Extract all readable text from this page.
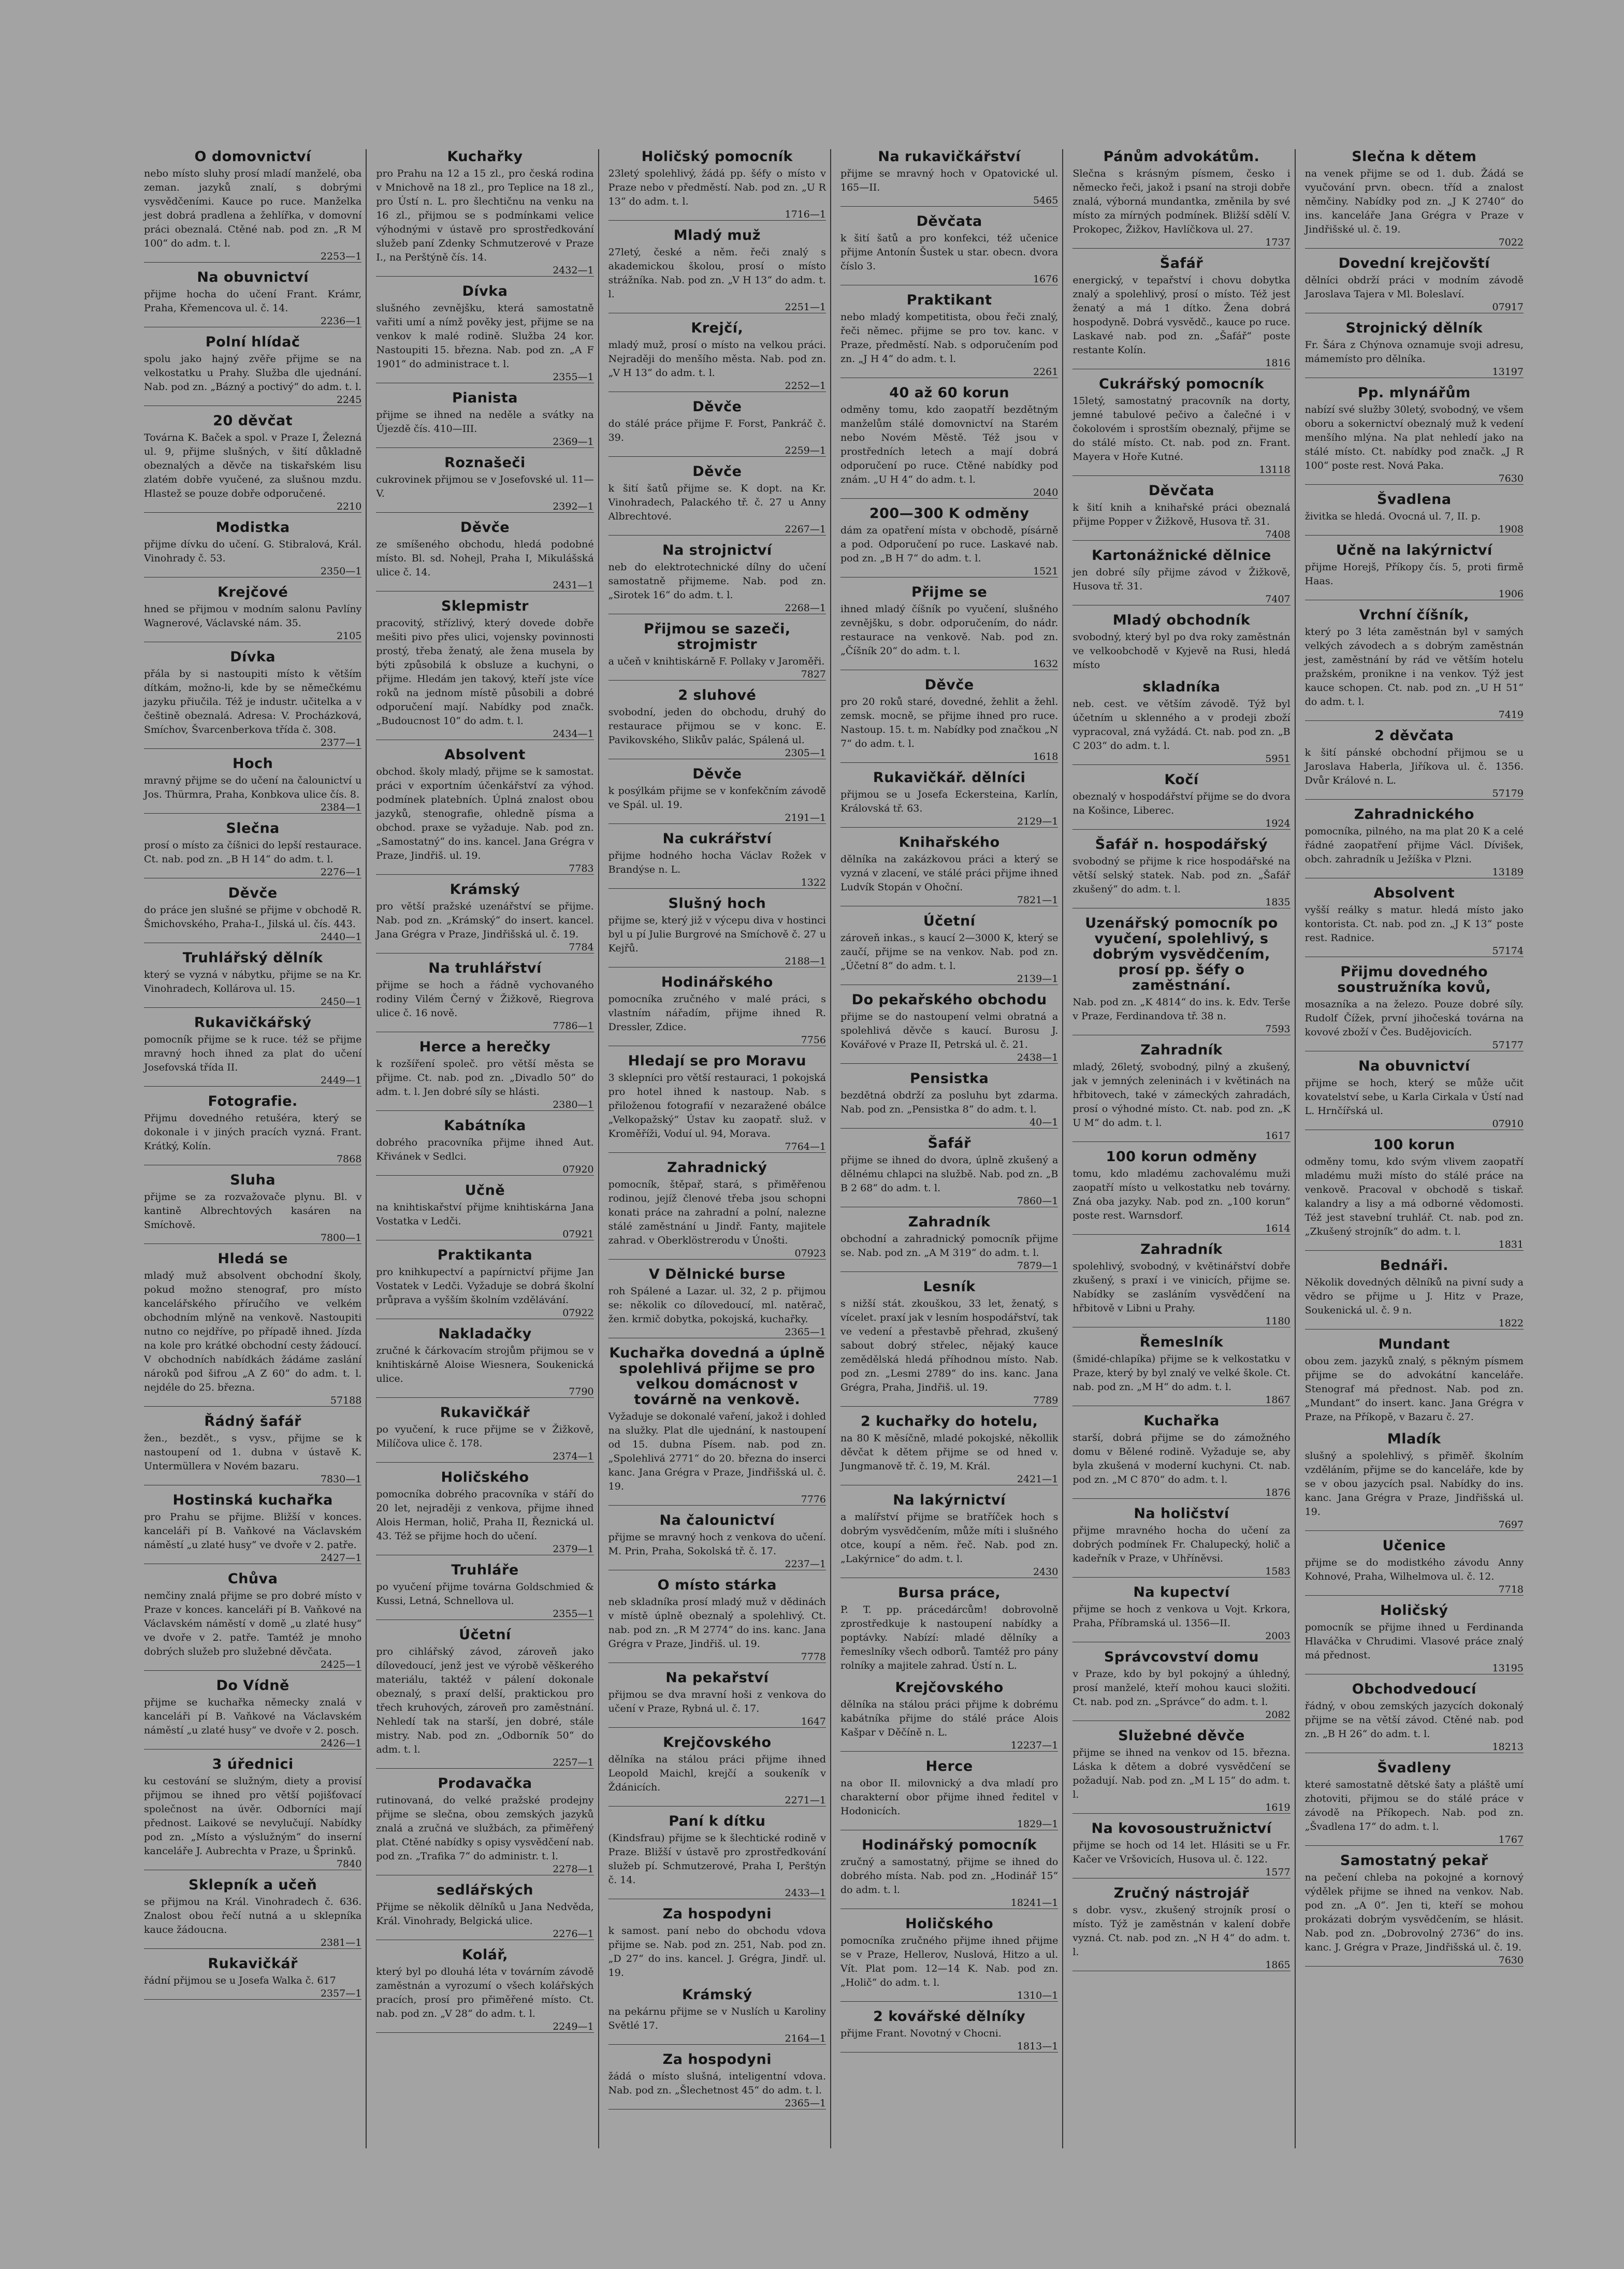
O domovnictví

nebo místo sluhy prosí mladí manželé, oba zeman. jazyků znalí, s dobrými vysvědčeními. Kauce po ruce. Manželka jest dobrá pradlena a žehlířka, v domovní práci obeznalá. Ctěné nab. pod zn. „R M 100“ do adm. t. l.

2253—1
Na obuvnictví

přijme hocha do učení Frant. Krámr, Praha, Křemencova ul. č. 14.

2236—1
Polní hlídač

spolu jako hajný zvěře přijme se na velkostatku u Prahy. Služba dle ujednání. Nab. pod zn. „Bázný a poctivý“ do adm. t. l.

2245
20 děvčat

Továrna K. Baček a spol. v Praze I, Železná ul. 9, přijme slušných, v šití důkladně obeznalých a děvče na tiskařském lisu zlatém dobře vyučené, za slušnou mzdu. Hlastež se pouze dobře odporučené.

2210
Modistka

přijme dívku do učení. G. Stibralová, Král. Vinohrady č. 53.

2350—1
Krejčové

hned se přijmou v modním salonu Pavlíny Wagnerové, Václavské nám. 35.

2105
Dívka

přála by si nastoupiti místo k větším dítkám, možno-li, kde by se němečkému jazyku přiučila. Též je industr. učitelka a v češtině obeznalá. Adresa: V. Procházková, Smíchov, Švarcenberkova třída č. 308.

2377—1
Hoch

mravný přijme se do učení na čalounictví u Jos. Thürmra, Praha, Konbkova ulice čís. 8.

2384—1
Slečna

prosí o místo za číšnici do lepší restaurace. Ct. nab. pod zn. „B H 14“ do adm. t. l.

2276—1
Děvče

do práce jen slušné se přijme v obchodě R. Šmichovského, Praha-I., Jilská ul. čís. 443.

2440—1
Truhlářský dělník

který se vyzná v nábytku, přijme se na Kr. Vinohradech, Kollárova ul. 15.

2450—1
Rukavičkářský

pomocník přijme se k ruce. též se přijme mravný hoch ihned za plat do učení Josefovská třída II.

2449—1
Fotografie.

Přijmu dovedného retušéra, který se dokonale i v jiných pracích vyzná. Frant. Krátký, Kolín.

7868
Sluha

přijme se za rozvažovače plynu. Bl. v kantině Albrechtových kasáren na Smíchově.

7800—1
Hledá se

mladý muž absolvent obchodní školy, pokud možno stenograf, pro místo kancelářského příručího ve velkém obchodním mlýně na venkově. Nastoupiti nutno co nejdříve, po případě ihned. Jízda na kole pro krátké obchodní cesty žádoucí. V obchodních nabídkách žádáme zaslání nároků pod šifrou „A Z 60“ do adm. t. l. nejdéle do 25. března.

57188
Řádný šafář

žen., bezdět., s vysv., přijme se k nastoupení od 1. dubna v ústavě K. Untermüllera v Novém bazaru.

7830—1
Hostinská kuchařka

pro Prahu se přijme. Bližší v konces. kanceláři pí B. Vaňkové na Václavském náměstí „u zlaté husy“ ve dvoře v 2. patře.

2427—1
Chůva

nemčiny znalá přijme se pro dobré místo v Praze v konces. kanceláři pí B. Vaňkové na Václavském náměstí v domě „u zlaté husy“ ve dvoře v 2. patře. Tamtéž je mnoho dobrých služeb pro služebné děvčata.

2425—1
Do Vídně

přijme se kuchařka německy znalá v kanceláři pí B. Vaňkové na Václavském náměstí „u zlaté husy“ ve dvoře v 2. posch.

2426—1
3 úřednici

ku cestování se služným, diety a provisí přijmou se ihned pro větší pojišťovací společnost na úvěr. Odborníci mají přednost. Laikové se nevylučují. Nabídky pod zn. „Místo a výslužným“ do inserní kanceláře J. Aubrechta v Praze, u Šprinků.

7840
Sklepník a učeň

se přijmou na Král. Vinohradech č. 636. Znalost obou řečí nutná a u sklepníka kauce žádoucna.

2381—1
Rukavičkář

řádní přijmou se u Josefa Walka č. 617

2357—1
Kuchařky

pro Prahu na 12 a 15 zl., pro česká rodina v Mnichově na 18 zl., pro Teplice na 18 zl., pro Ústí n. L. pro šlechtičnu na venku na 16 zl., přijmou se s podmínkami velice výhodnými v ústavě pro sprostředkování služeb paní Zdenky Schmutzerové v Praze I., na Perštýně čís. 14.

2432—1
Dívka

slušného zevnějšku, která samostatně vařiti umí a nímž pověky jest, přijme se na venkov k malé rodině. Služba 24 kor. Nastoupiti 15. března. Nab. pod zn. „A F 1901“ do administrace t. l.

2355—1
Pianista

přijme se ihned na neděle a svátky na Újezdě čís. 410—III.

2369—1
Roznašeči

cukrovinek přijmou se v Josefovské ul. 11—V.

2392—1
Děvče

ze smíšeného obchodu, hledá podobné místo. Bl. sd. Nohejl, Praha I, Mikulášská ulice č. 14.

2431—1
Sklepmistr

pracovitý, střízlivý, který dovede dobře mešiti pivo přes ulici, vojensky povinnosti prostý, třeba ženatý, ale žena musela by býti způsobilá k obsluze a kuchyni, o přijme. Hledám jen takový, kteří jste více roků na jednom místě působili a dobré odporučení mají. Nabídky pod značk. „Budoucnost 10“ do adm. t. l.

2434—1
Absolvent

obchod. školy mladý, přijme se k samostat. práci v exportním účenkářství za výhod. podmínek platebních. Úplná znalost obou jazyků, stenografie, ohledně písma a obchod. praxe se vyžaduje. Nab. pod zn. „Samostatný“ do ins. kancel. Jana Grégra v Praze, Jindřiš. ul. 19.

7783
Krámský

pro větší pražské uzenářství se přijme. Nab. pod zn. „Krámský“ do insert. kancel. Jana Grégra v Praze, Jindřišská ul. č. 19.

7784
Na truhlářství

přijme se hoch a řádně vychovaného rodiny Vilém Černý v Žižkově, Riegrova ulice č. 16 nově.

7786—1
Herce a herečky

k rozšíření společ. pro větší města se přijme. Ct. nab. pod zn. „Divadlo 50“ do adm. t. l. Jen dobré síly se hlásti.

2380—1
Kabátníka

dobrého pracovníka přijme ihned Aut. Křivánek v Sedlci.

07920
Učně

na knihtiskařství přijme knihtiskárna Jana Vostatka v Ledči.

07921
Praktikanta

pro knihkupectví a papírnictví přijme Jan Vostatek v Ledči. Vyžaduje se dobrá školní průprava a vyšším školním vzdělávání.

07922
Nakladačky

zručné k čárkovacím strojům přijmou se v knihtiskárně Aloise Wiesnera, Soukenická ulice.

7790
Rukavičkář

po vyučení, k ruce přijme se v Žižkově, Milíčova ulice č. 178.

2374—1
Holičského

pomocníka dobrého pracovníka v stáří do 20 let, nejraději z venkova, přijme ihned Alois Herman, holič, Praha II, Řeznická ul. 43. Též se přijme hoch do učení.

2379—1
Truhláře

po vyučení přijme továrna Goldschmied & Kussi, Letná, Schnellova ul.

2355—1
Účetní

pro cihlářský závod, zároveň jako dílovedoucí, jenž jest ve výrobě věškerého materiálu, taktéž v pálení dokonale obeznalý, s praxí delší, praktickou pro třech kruhových, zároveň pro zaměstnání. Nehledí tak na starší, jen dobré, stále mistry. Nab. pod zn. „Odborník 50“ do adm. t. l.

2257—1
Prodavačka

rutinovaná, do velké pražské prodejny přijme se slečna, obou zemských jazyků znalá a zručná ve službách, za přiměřený plat. Ctěné nabídky s opisy vysvědčení nab. pod zn. „Trafika 7“ do administr. t. l.

2278—1
sedlářských

Přijme se několik dělníků u Jana Nedvěda, Král. Vinohrady, Belgická ulice.

2276—1
Kolář,

který byl po dlouhá léta v továrním závodě zaměstnán a vyrozumí o všech kolářských pracích, prosí pro přiměřené místo. Ct. nab. pod zn. „V 28“ do adm. t. l.

2249—1
Holičský pomocník

23letý spolehlivý, žádá pp. šéfy o místo v Praze nebo v předměstí. Nab. pod zn. „U R 13“ do adm. t. l.

1716—1
Mladý muž

27letý, české a něm. řeči znalý s akademickou školou, prosí o místo strážníka. Nab. pod zn. „V H 13“ do adm. t. l.

2251—1
Krejčí,

mladý muž, prosí o místo na velkou práci. Nejraději do menšího města. Nab. pod zn. „V H 13“ do adm. t. l.

2252—1
Děvče

do stálé práce přijme F. Forst, Pankráč č. 39.

2259—1
Děvče

k šití šatů přijme se. K dopt. na Kr. Vinohradech, Palackého tř. č. 27 u Anny Albrechtové.

2267—1
Na strojnictví

neb do elektrotechnické dílny do učení samostatně přijmeme. Nab. pod zn. „Sirotek 16“ do adm. t. l.

2268—1
Přijmou se sazeči, strojmistr

a učeň v knihtiskárně F. Pollaky v Jaroměři.

7827
2 sluhové

svobodní, jeden do obchodu, druhý do restaurace přijmou se v konc. E. Pavikovského, Slikův palác, Spálená ul.

2305—1
Děvče

k posýlkám přijme se v konfekčním závodě ve Spál. ul. 19.

2191—1
Na cukrářství

přijme hodného hocha Václav Rožek v Brandýse n. L.

1322
Slušný hoch

přijme se, který již v výcepu diva v hostinci byl u pí Julie Burgrové na Smíchově č. 27 u Kejřů.

2188—1
Hodinářského

pomocníka zručného v malé práci, s vlastním nářadím, přijme ihned R. Dressler, Zdice.

7756
Hledají se pro Moravu

3 sklepníci pro větší restauraci, 1 pokojská pro hotel ihned k nastoup. Nab. s přiloženou fotografií v nezaražené obálce „Velkopažský“ Ústav ku zaopatř. služ. v Kroměříži, Voduí ul. 94, Morava.

7764—1
Zahradnický

pomocník, štěpař, stará, s přiměřenou rodinou, jejíž členové třeba jsou schopni konati práce na zahradní a polní, nalezne stálé zaměstnání u Jindř. Fanty, majitele zahrad. v Oberklöstrerodu v Únošti.

07923
V Dělnické burse

roh Spálené a Lazar. ul. 32, 2 p. přijmou se: několik co dílovedoucí, ml. natěrač, žen. krmič dobytka, pokojská, kuchařky.

2365—1
Kuchařka dovedná a úplně spolehlivá přijme se pro velkou domácnost v továrně na venkově.

Vyžaduje se dokonalé vaření, jakož i dohled na služky. Plat dle ujednání, k nastoupení od 15. dubna Písem. nab. pod zn. „Spolehlivá 2771“ do 20. března do inserci kanc. Jana Grégra v Praze, Jindřišská ul. č. 19.

7776
Na čalounictví

přijme se mravný hoch z venkova do učení. M. Prin, Praha, Sokolská tř. č. 17.

2237—1
O místo stárka

neb skladníka prosí mladý muž v dědinách v místě úplně obeznalý a spolehlivý. Ct. nab. pod zn. „R M 2774“ do ins. kanc. Jana Grégra v Praze, Jindřiš. ul. 19.

7778
Na pekařství

přijmou se dva mravní hoši z venkova do učení v Praze, Rybná ul. č. 17.

1647
Krejčovského

dělníka na stálou práci přijme ihned Leopold Maichl, krejčí a soukeník v Ždánicích.

2271—1
Paní k dítku

(Kindsfrau) přijme se k šlechtické rodině v Praze. Bližší v ústavě pro zprostředkování služeb pí. Schmutzerové, Praha I, Perštýn č. 14.

2433—1
Za hospodyni

k samost. paní nebo do obchodu vdova přijme se. Nab. pod zn. 251, Nab. pod zn. „D 27“ do ins. kancel. J. Grégra, Jindř. ul. 19.

Krámský

na pekárnu přijme se v Nuslích u Karoliny Světlé 17.

2164—1
Za hospodyni

žádá o místo slušná, inteligentní vdova. Nab. pod zn. „Šlechetnost 45“ do adm. t. l.

2365—1
Na rukavičkářství

přijme se mravný hoch v Opatovické ul. 165—II.

5465
Děvčata

k šití šatů a pro konfekci, též učenice přijme Antonín Šustek u star. obecn. dvora číslo 3.

1676
Praktikant

nebo mladý kompetitista, obou řeči znalý, řeči němec. přijme se pro tov. kanc. v Praze, předměstí. Nab. s odporučením pod zn. „J H 4“ do adm. t. l.

2261
40 až 60 korun

odměny tomu, kdo zaopatří bezdětným manželům stálé domovnictví na Starém nebo Novém Městě. Též jsou v prostředních letech a mají dobrá odporučení po ruce. Ctěné nabídky pod znám. „U H 4“ do adm. t. l.

2040
200—300 K odměny

dám za opatření místa v obchodě, písárně a pod. Odporučení po ruce. Laskavé nab. pod zn. „B H 7“ do adm. t. l.

1521
Přijme se

ihned mladý číšník po vyučení, slušného zevnějšku, s dobr. odporučením, do nádr. restaurace na venkově. Nab. pod zn. „Číšník 20“ do adm. t. l.

1632
Děvče

pro 20 roků staré, dovedné, žehlit a žehl. zemsk. mocně, se přijme ihned pro ruce. Nastoup. 15. t. m. Nabídky pod značkou „N 7“ do adm. t. l.

1618
Rukavičkář. dělníci

přijmou se u Josefa Eckersteina, Karlín, Královská tř. 63.

2129—1
Knihařského

dělníka na zakázkovou práci a který se vyzná v zlacení, ve stálé práci přijme ihned Ludvík Stopán v Ohoční.

7821—1
Účetní

zároveň inkas., s kaucí 2—3000 K, který se zaučí, přijme se na venkov. Nab. pod zn. „Účetní 8“ do adm. t. l.

2139—1
Do pekařského obchodu

přijme se do nastoupení velmi obratná a spolehlivá děvče s kaucí. Burosu J. Kovářové v Praze II, Petrská ul. č. 21.

2438—1
Pensistka

bezdětná obdrží za posluhu byt zdarma. Nab. pod zn. „Pensistka 8“ do adm. t. l.

40—1
Šafář

přijme se ihned do dvora, úplně zkušený a dělnému chlapci na službě. Nab. pod zn. „B B 2 68“ do adm. t. l.

7860—1
Zahradník

obchodní a zahradnický pomocník přijme se. Nab. pod zn. „A M 319“ do adm. t. l.

7879—1
Lesník

s nižší stát. zkouškou, 33 let, ženatý, s vícelet. praxí jak v lesním hospodářství, tak ve vedení a přestavbě přehrad, zkušený sabout dobrý střelec, nějaký kauce zemědělská hledá příhodnou místo. Nab. pod zn. „Lesmi 2789“ do ins. kanc. Jana Grégra, Praha, Jindřiš. ul. 19.

7789
2 kuchařky do hotelu,

na 80 K měsíčně, mladé pokojské, někollik děvčat k dětem přijme se od hned v. Jungmanově tř. č. 19, M. Král.

2421—1
Na lakýrnictví

a malířství přijme se bratříček hoch s dobrým vysvědčením, může míti i slušného otce, koupí a něm. řeč. Nab. pod zn. „Lakýrnice“ do adm. t. l.

2430
Bursa práce,

P. T. pp. prácedárcům! dobrovolně zprostředkuje k nastoupení nabídky a poptávky. Nabízí: mladé dělníky a řemeslníky všech odborů. Tamtéž pro pány rolníky a majitele zahrad. Ústí n. L.

Krejčovského

dělníka na stálou práci přijme k dobrému kabátníka přijme do stálé práce Alois Kašpar v Děčíně n. L.

12237—1
Herce

na obor II. milovnický a dva mladí pro charakterní obor přijme ihned ředitel v Hodonicích.

1829—1
Hodinářský pomocník

zručný a samostatný, přijme se ihned do dobrého místa. Nab. pod zn. „Hodinář 15“ do adm. t. l.

18241—1
Holičského

pomocníka zručného přijme ihned přijme se v Praze, Hellerov, Nuslová, Hitzo a ul. Vít. Plat pom. 12—14 K. Nab. pod zn. „Holič“ do adm. t. l.

1310—1
2 kovářské dělníky

přijme Frant. Novotný v Chocni.

1813—1
Pánům advokátům.

Slečna s krásným písmem, česko i německo řeči, jakož i psaní na stroji dobře znalá, výborná mundantka, změnila by své místo za mírných podmínek. Bližší sdělí V. Prokopec, Žižkov, Havlíčkova ul. 27.

1737
Šafář

energický, v tepařství i chovu dobytka znalý a spolehlivý, prosí o místo. Též jest ženatý a má 1 dítko. Žena dobrá hospodyně. Dobrá vysvědč., kauce po ruce. Laskavé nab. pod zn. „Šafář“ poste restante Kolín.

1816
Cukrářský pomocník

15letý, samostatný pracovník na dorty, jemné tabulové pečivo a čalečné i v čokolovém i sprostším obeznalý, přijme se do stálé místo. Ct. nab. pod zn. Frant. Mayera v Hoře Kutné.

13118
Děvčata

k šití knih a knihařské práci obeznalá přijme Popper v Žižkově, Husova tř. 31.

7408
Kartonážnické dělnice

jen dobré síly přijme závod v Žižkově, Husova tř. 31.

7407
Mladý obchodník

svobodný, který byl po dva roky zaměstnán ve velkoobchodě v Kyjevě na Rusi, hledá místo

skladníka

neb. cest. ve větším závodě. Týž byl účetním u sklenného a v prodeji zboží vypracoval, zná vyžádá. Ct. nab. pod zn. „B C 203“ do adm. t. l.

5951
Kočí

obeznalý v hospodářství přijme se do dvora na Košince, Liberec.

1924
Šafář n. hospodářský

svobodný se přijme k rice hospodářské na větší selský statek. Nab. pod zn. „Šafář zkušený“ do adm. t. l.

1835
Uzenářský pomocník po vyučení, spolehlivý, s dobrým vysvědčením, prosí pp. šéfy o zaměstnání.

Nab. pod zn. „K 4814“ do ins. k. Edv. Terše v Praze, Ferdinandova tř. 38 n.

7593
Zahradník

mladý, 26letý, svobodný, pilný a zkušený, jak v jemných zeleninách i v květinách na hřbitovech, také v zámeckých zahradách, prosí o výhodné místo. Ct. nab. pod zn. „K U M“ do adm. t. l.

1617
100 korun odměny

tomu, kdo mladému zachovalému muži zaopatří místo u velkostatku neb továrny. Zná oba jazyky. Nab. pod zn. „100 korun“ poste rest. Warnsdorf.

1614
Zahradník

spolehlivý, svobodný, v květinářství dobře zkušený, s praxí i ve vinicích, přijme se. Nabídky se zasláním vysvědčení na hřbitově v Libni u Prahy.

1180
Řemeslník

(šmidé-chlapíka) přijme se k velkostatku v Praze, který by byl znalý ve velké škole. Ct. nab. pod zn. „M H“ do adm. t. l.

1867
Kuchařka

starší, dobrá přijme se do zámožného domu v Bělené rodině. Vyžaduje se, aby byla zkušená v moderní kuchyni. Ct. nab. pod zn. „M C 870“ do adm. t. l.

1876
Na holičství

přijme mravného hocha do učení za dobrých podmínek Fr. Chalupecký, holič a kadeřník v Praze, v Uhříněvsi.

1583
Na kupectví

přijme se hoch z venkova u Vojt. Krkora, Praha, Příbramská ul. 1356—II.

2003
Správcovství domu

v Praze, kdo by byl pokojný a úhledný, prosí manželé, kteří mohou kauci složiti. Ct. nab. pod zn. „Správce“ do adm. t. l.

2082
Služebné děvče

přijme se ihned na venkov od 15. března. Láska k dětem a dobré vysvědčení se požadují. Nab. pod zn. „M L 15“ do adm. t. l.

1619
Na kovosoustružnictví

přijme se hoch od 14 let. Hlásiti se u Fr. Kačer ve Vršovicích, Husova ul. č. 122.

1577
Zručný nástrojář

s dobr. vysv., zkušený strojník prosí o místo. Týž je zaměstnán v kalení dobře vyzná. Ct. nab. pod zn. „N H 4“ do adm. t. l.

1865
Slečna k dětem

na venek přijme se od 1. dub. Žádá se vyučování prvn. obecn. tříd a znalost němčiny. Nabídky pod zn. „J K 2740“ do ins. kanceláře Jana Grégra v Praze v Jindřišské ul. č. 19.

7022
Dovední krejčovští

dělníci obdrží práci v modním závodě Jaroslava Tajera v Ml. Boleslaví.

07917
Strojnický dělník

Fr. Šára z Chýnova oznamuje svoji adresu, mámemísto pro dělníka.

13197
Pp. mlynářům

nabízí své služby 30letý, svobodný, ve všem oboru a sokernictví obeznalý muž k vedení menšího mlýna. Na plat nehledí jako na stálé místo. Ct. nabídky pod značk. „J R 100“ poste rest. Nová Paka.

7630
Švadlena

živitka se hledá. Ovocná ul. 7, II. p.

1908
Učně na lakýrnictví

přijme Horejš, Příkopy čís. 5, proti firmě Haas.

1906
Vrchní číšník,

který po 3 léta zaměstnán byl v samých velkých závodech a s dobrým zaměstnán jest, zaměstnání by rád ve větším hotelu pražském, pronikne i na venkov. Týž jest kauce schopen. Ct. nab. pod zn. „U H 51“ do adm. t. l.

7419
2 děvčata

k šití pánské obchodní přijmou se u Jaroslava Haberla, Jiříkova ul. č. 1356. Dvůr Králové n. L.

57179
Zahradnického

pomocníka, pilného, na ma plat 20 K a celé řádné zaopatření přijme Václ. Dívišek, obch. zahradník u Ježíška v Plzni.

13189
Absolvent

vyšší reálky s matur. hledá místo jako kontorista. Ct. nab. pod zn. „J K 13“ poste rest. Radnice.

57174
Přijmu dovedného soustružníka kovů,

mosazníka a na železo. Pouze dobré síly. Rudolf Čížek, první jihočeská továrna na kovové zboží v Čes. Budějovicích.

57177
Na obuvnictví

přijme se hoch, který se může učit kovatelství sebe, u Karla Cirkala v Ústí nad L. Hrnčířská ul.

07910
100 korun

odměny tomu, kdo svým vlivem zaopatří mladému muži místo do stálé práce na venkově. Pracoval v obchodě s tiskař. kalandry a lisy a má odborné vědomosti. Též jest stavební truhlář. Ct. nab. pod zn. „Zkušený strojník“ do adm. t. l.

1831
Bednáři.

Několik dovedných dělníků na pivní sudy a vědro se přijme u J. Hitz v Praze, Soukenická ul. č. 9 n.

1822
Mundant

obou zem. jazyků znalý, s pěkným písmem přijme se do advokátní kanceláře. Stenograf má přednost. Nab. pod zn. „Mundant“ do insert. kanc. Jana Grégra v Praze, na Příkopě, v Bazaru č. 27.

Mladík

slušný a spolehlivý, s přiměř. školním vzděláním, přijme se do kanceláře, kde by se v obou jazycích psal. Nabídky do ins. kanc. Jana Grégra v Praze, Jindřišská ul. 19.

7697
Učenice

přijme se do modistkého závodu Anny Kohnové, Praha, Wilhelmova ul. č. 12.

7718
Holičský

pomocník se přijme ihned u Ferdinanda Hlaváčka v Chrudimi. Vlasové práce znalý má přednost.

13195
Obchodvedoucí

řádný, v obou zemských jazycích dokonalý přijme se na větší závod. Ctěné nab. pod zn. „B H 26“ do adm. t. l.

18213
Švadleny

které samostatně dětské šaty a pláště umí zhotoviti, přijmou se do stálé práce v závodě na Příkopech. Nab. pod zn. „Švadlena 17“ do adm. t. l.

1767
Samostatný pekař

na pečení chleba na pokojné a kornový výdělek přijme se ihned na venkov. Nab. pod zn. „A 0“. Jen ti, kteří se mohou prokázati dobrým vysvědčením, se hlásit. Nab. pod zn. „Dobrovolný 2736“ do ins. kanc. J. Grégra v Praze, Jindřišská ul. č. 19.

7630
